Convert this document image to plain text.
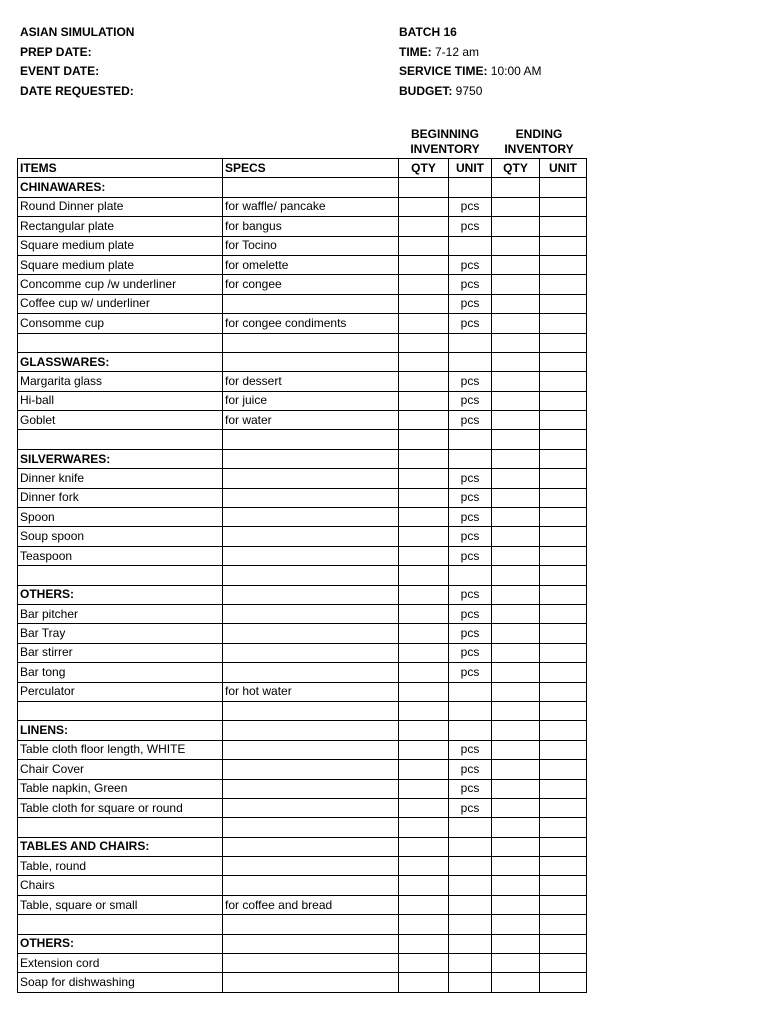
ASIAN SIMULATION
PREP DATE:
EVENT DATE:
DATE REQUESTED:
BATCH 16
TIME: 7-12 am
SERVICE TIME: 10:00 AM
BUDGET: 9750
BEGINNING
INVENTORY
ENDING
INVENTORY
ITEMS	SPECS	QTY	UNIT	QTY	UNIT
CHINAWARES:					
Round Dinner plate	for waffle/ pancake		pcs		
Rectangular plate	for bangus		pcs		
Square medium plate	for Tocino				
Square medium plate	for omelette		pcs		
Concomme cup /w underliner	for congee		pcs		
Coffee cup w/ underliner			pcs		
Consomme cup	for congee condiments		pcs		

GLASSWARES:					
Margarita glass	for dessert		pcs		
Hi-ball	for juice		pcs		
Goblet	for water		pcs		

SILVERWARES:					
Dinner knife			pcs		
Dinner fork			pcs		
Spoon			pcs		
Soup spoon			pcs		
Teaspoon			pcs		

OTHERS:			pcs		
Bar pitcher			pcs		
Bar Tray			pcs		
Bar stirrer			pcs		
Bar tong			pcs		
Perculator	for hot water				

LINENS:					
Table cloth floor length, WHITE			pcs		
Chair Cover			pcs		
Table napkin, Green			pcs		
Table cloth for square or round			pcs		

TABLES AND CHAIRS:					
Table, round					
Chairs					
Table, square or small	for coffee and bread				

OTHERS:					
Extension cord					
Soap for dishwashing					
